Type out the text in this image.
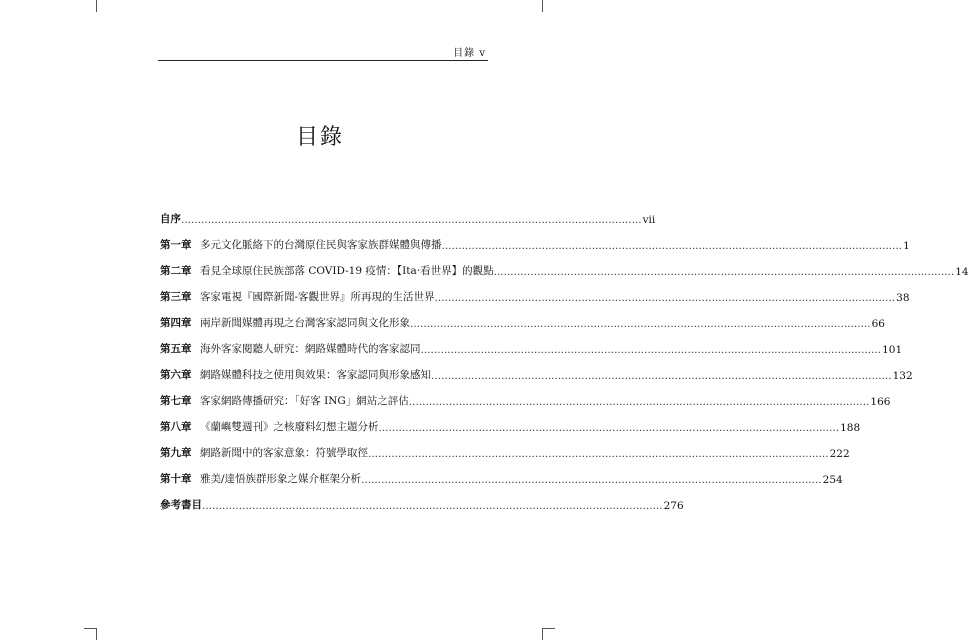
目錄 v
目錄
自序 .....	vii
第一章 多元文化脈絡下的台灣原住民與客家族群媒體與傳播 .....	1
第二章 看見全球原住民族部落 COVID-19 疫情：【Ita‧看世界】的觀點 .....	14
第三章 客家電視『國際新聞-客觀世界』所再現的生活世界 .....	38
第四章 兩岸新聞媒體再現之台灣客家認同與文化形象 .....	66
第五章 海外客家閱聽人研究：網路媒體時代的客家認同 .....	101
第六章 網路媒體科技之使用與效果：客家認同與形象感知 .....	132
第七章 客家網路傳播研究：「好客 ING」網站之評估 .....	166
第八章 《蘭嶼雙週刊》之核廢料幻想主題分析 .....	188
第九章 網路新聞中的客家意象：符號學取徑 .....	222
第十章 雅美/達悟族群形象之媒介框架分析 .....	254
參考書目 .....	276
